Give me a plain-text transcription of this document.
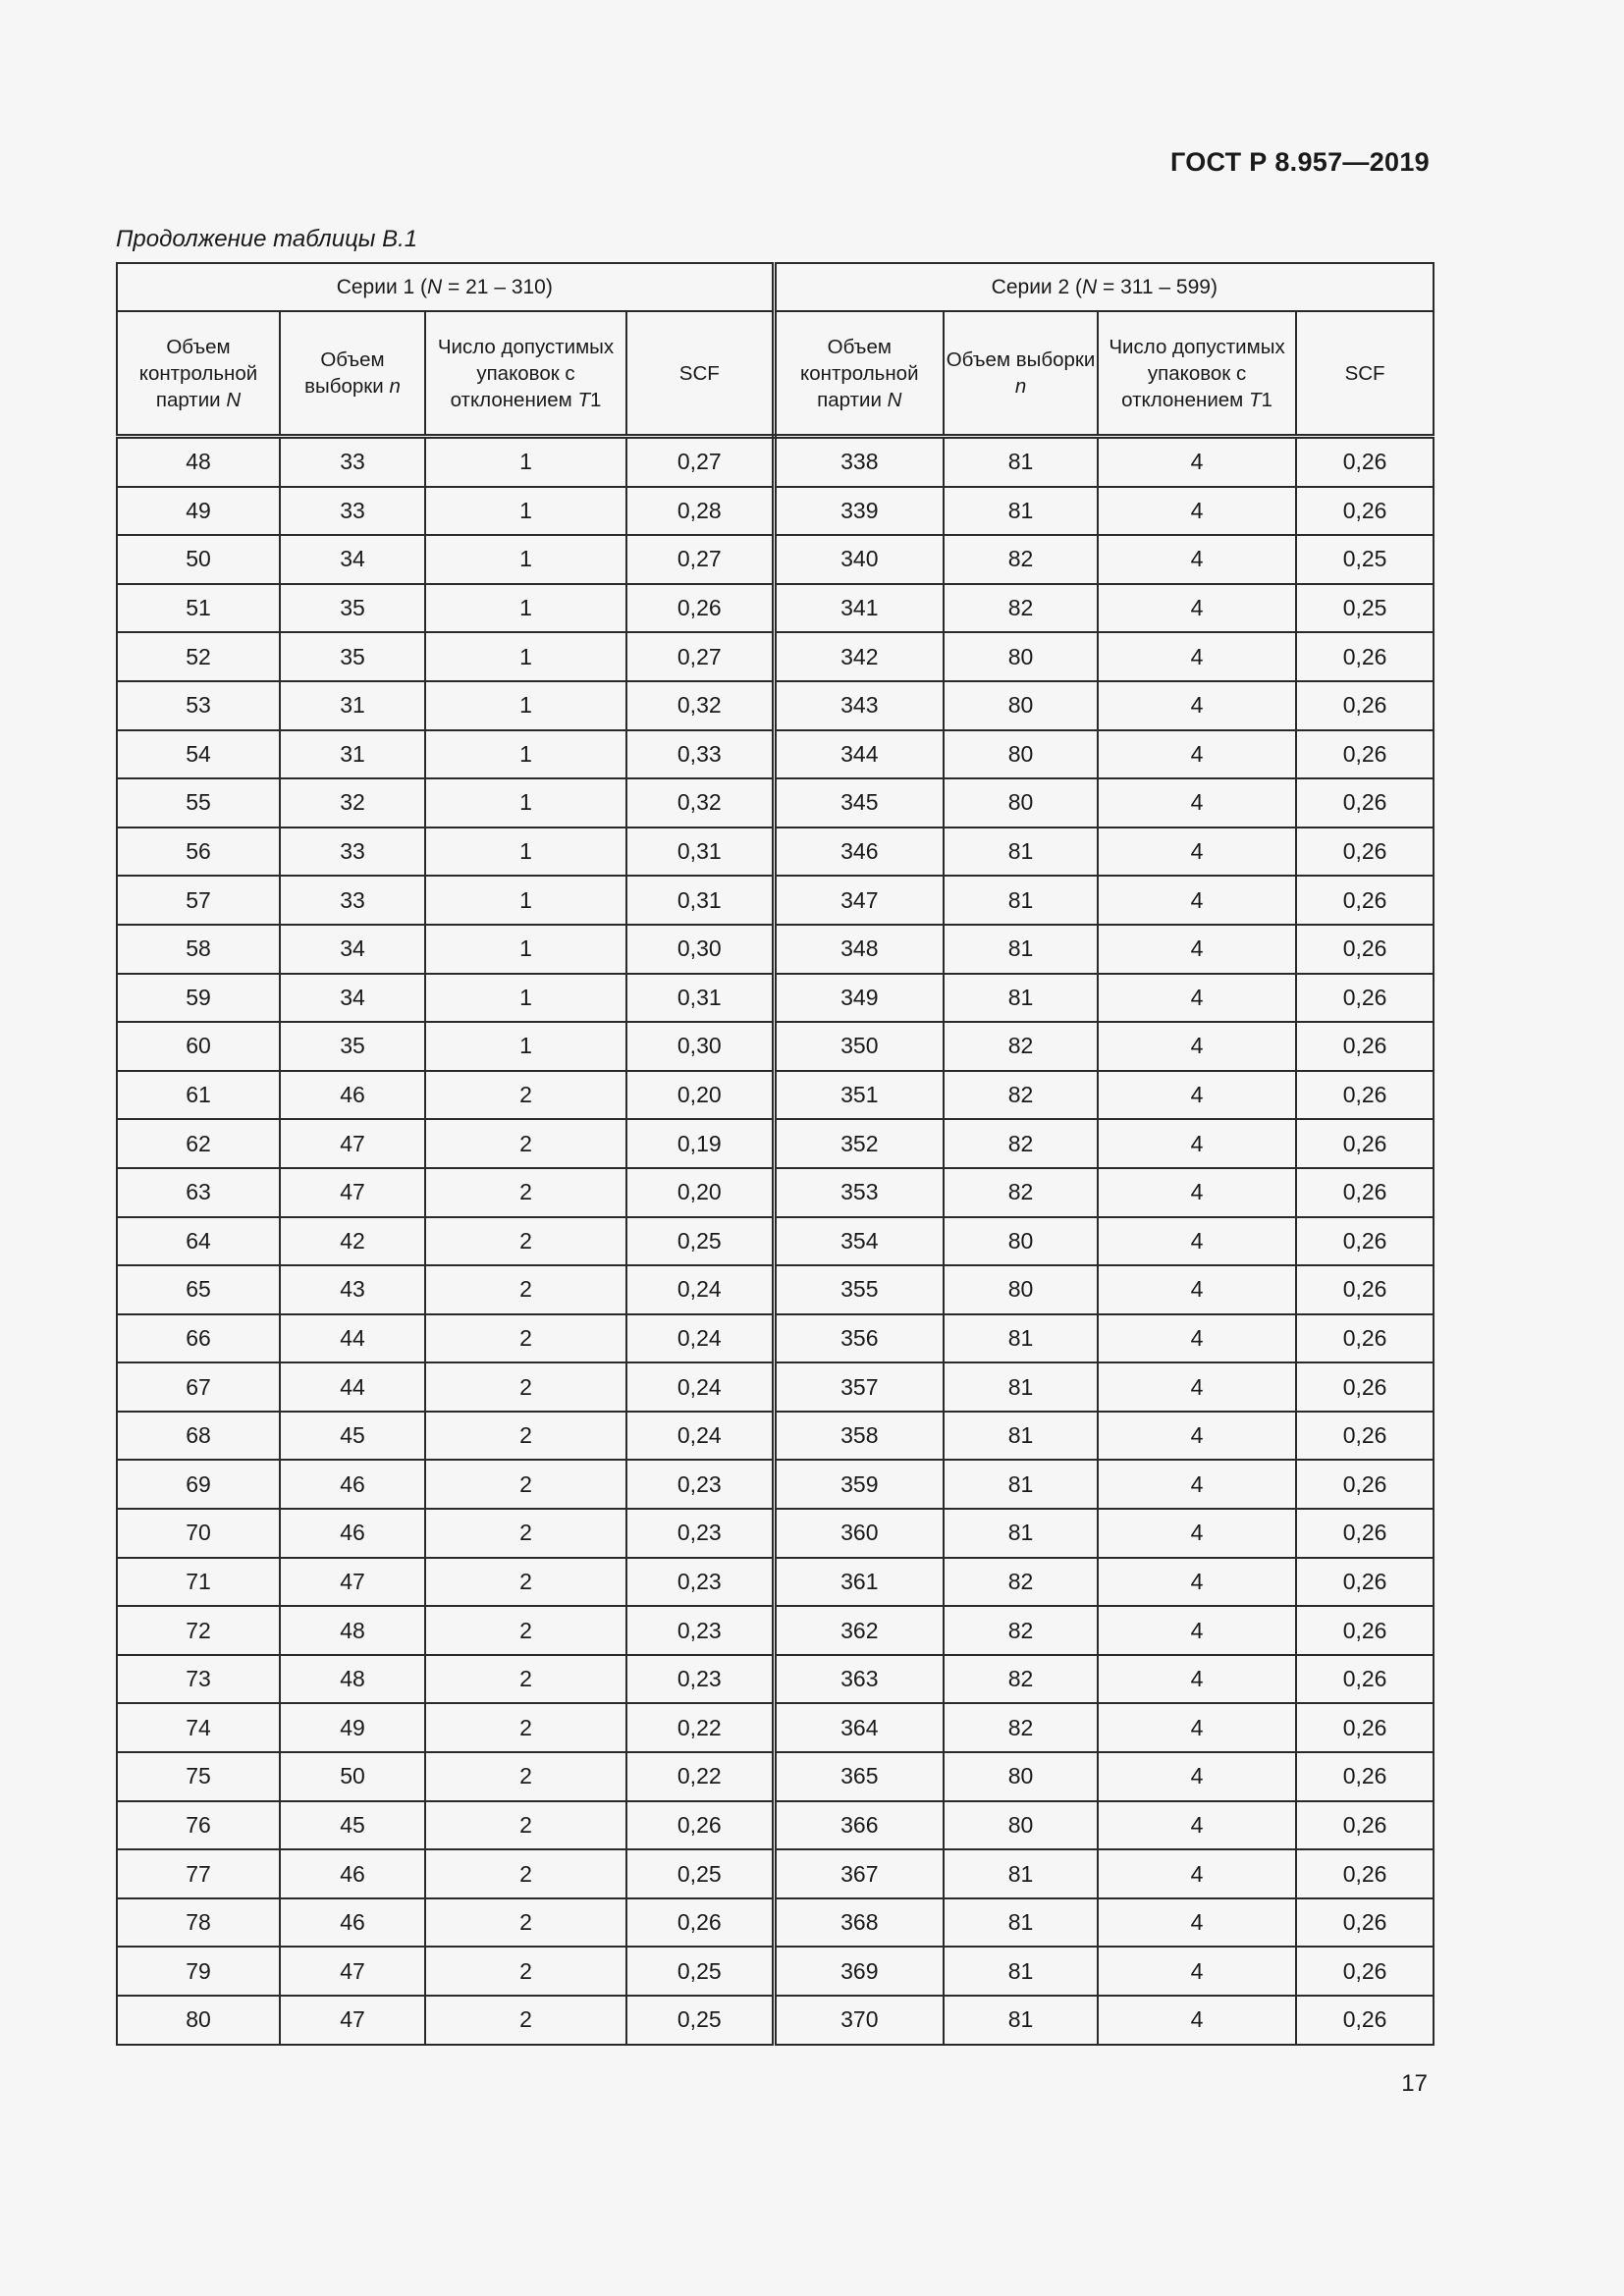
ГОСТ Р 8.957—2019
Продолжение таблицы В.1
Серии 1 (N = 21 – 310)				Серии 2 (N = 311 – 599)			
Объем контрольной партии N	Объем выборки n	Число допустимых упаковок с отклонением T1	SCF	Объем контрольной партии N	Объем выборки n	Число допустимых упаковок с отклонением T1	SCF
48	33	1	0,27	338	81	4	0,26
49	33	1	0,28	339	81	4	0,26
50	34	1	0,27	340	82	4	0,25
51	35	1	0,26	341	82	4	0,25
52	35	1	0,27	342	80	4	0,26
53	31	1	0,32	343	80	4	0,26
54	31	1	0,33	344	80	4	0,26
55	32	1	0,32	345	80	4	0,26
56	33	1	0,31	346	81	4	0,26
57	33	1	0,31	347	81	4	0,26
58	34	1	0,30	348	81	4	0,26
59	34	1	0,31	349	81	4	0,26
60	35	1	0,30	350	82	4	0,26
61	46	2	0,20	351	82	4	0,26
62	47	2	0,19	352	82	4	0,26
63	47	2	0,20	353	82	4	0,26
64	42	2	0,25	354	80	4	0,26
65	43	2	0,24	355	80	4	0,26
66	44	2	0,24	356	81	4	0,26
67	44	2	0,24	357	81	4	0,26
68	45	2	0,24	358	81	4	0,26
69	46	2	0,23	359	81	4	0,26
70	46	2	0,23	360	81	4	0,26
71	47	2	0,23	361	82	4	0,26
72	48	2	0,23	362	82	4	0,26
73	48	2	0,23	363	82	4	0,26
74	49	2	0,22	364	82	4	0,26
75	50	2	0,22	365	80	4	0,26
76	45	2	0,26	366	80	4	0,26
77	46	2	0,25	367	81	4	0,26
78	46	2	0,26	368	81	4	0,26
79	47	2	0,25	369	81	4	0,26
80	47	2	0,25	370	81	4	0,26
17
